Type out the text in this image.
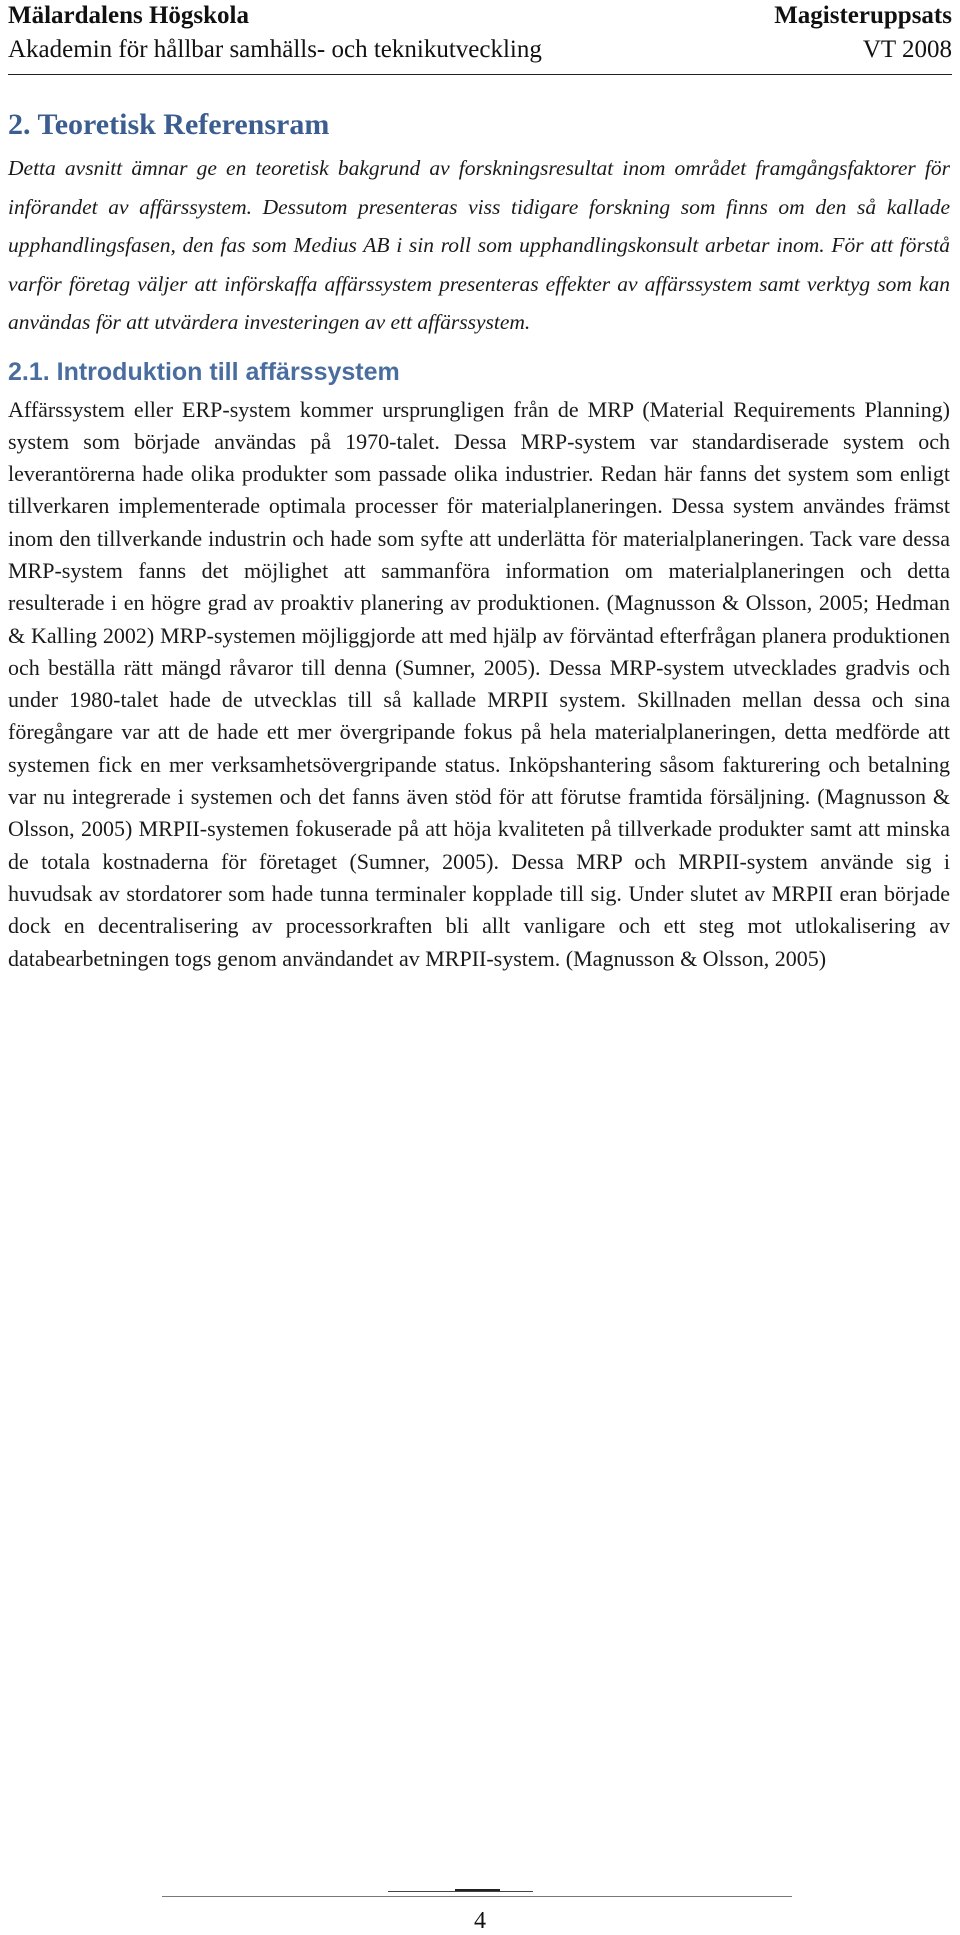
Mälardalens Högskola	Magisteruppsats
Akademin för hållbar samhälls- och teknikutveckling	VT 2008
2. Teoretisk Referensram

Detta avsnitt ämnar ge en teoretisk bakgrund av forskningsresultat inom området framgångsfaktorer för införandet av affärssystem. Dessutom presenteras viss tidigare forskning som finns om den så kallade upphandlingsfasen, den fas som Medius AB i sin roll som upphandlingskonsult arbetar inom. För att förstå varför företag väljer att införskaffa affärssystem presenteras effekter av affärssystem samt verktyg som kan användas för att utvärdera investeringen av ett affärssystem.

2.1. Introduktion till affärssystem

Affärssystem eller ERP-system kommer ursprungligen från de MRP (Material Requirements Planning) system som började användas på 1970-talet. Dessa MRP-system var standardiserade system och leverantörerna hade olika produkter som passade olika industrier. Redan här fanns det system som enligt tillverkaren implementerade optimala processer för materialplaneringen. Dessa system användes främst inom den tillverkande industrin och hade som syfte att underlätta för materialplaneringen. Tack vare dessa MRP-system fanns det möjlighet att sammanföra information om materialplaneringen och detta resulterade i en högre grad av proaktiv planering av produktionen. (Magnusson & Olsson, 2005; Hedman & Kalling 2002) MRP-systemen möjliggjorde att med hjälp av förväntad efterfrågan planera produktionen och beställa rätt mängd råvaror till denna (Sumner, 2005). Dessa MRP-system utvecklades gradvis och under 1980-talet hade de utvecklas till så kallade MRPII system. Skillnaden mellan dessa och sina föregångare var att de hade ett mer övergripande fokus på hela materialplaneringen, detta medförde att systemen fick en mer verksamhetsövergripande status. Inköpshantering såsom fakturering och betalning var nu integrerade i systemen och det fanns även stöd för att förutse framtida försäljning. (Magnusson & Olsson, 2005) MRPII-systemen fokuserade på att höja kvaliteten på tillverkade produkter samt att minska de totala kostnaderna för företaget (Sumner, 2005). Dessa MRP och MRPII-system använde sig i huvudsak av stordatorer som hade tunna terminaler kopplade till sig. Under slutet av MRPII eran började dock en decentralisering av processorkraften bli allt vanligare och ett steg mot utlokalisering av databearbetningen togs genom användandet av MRPII-system. (Magnusson & Olsson, 2005)

4
